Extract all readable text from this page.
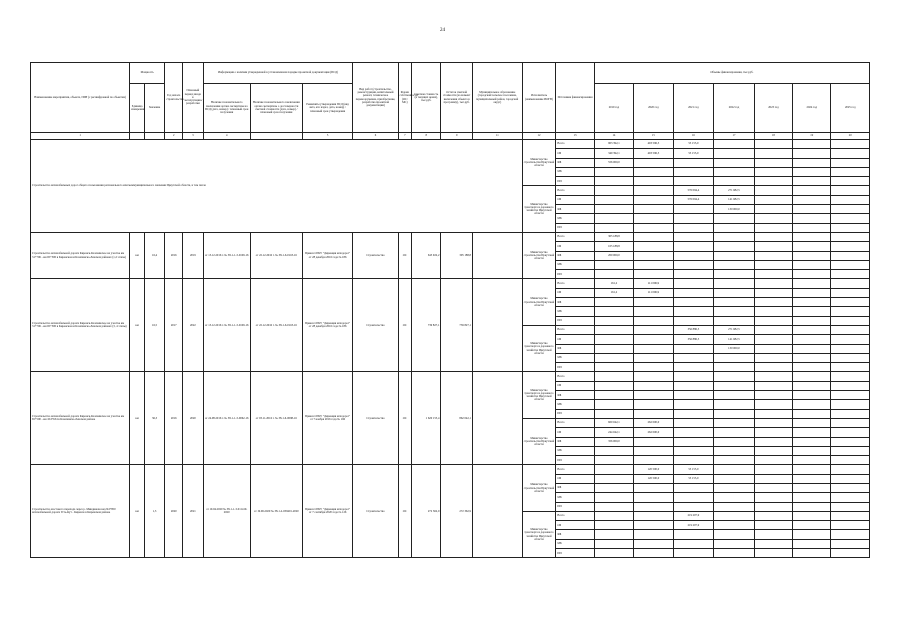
24
Наименование мероприятия, объекта, ПИР (с расшифровкой по объектам)	Мощность		Год начала строительства	Плановый период ввода в эксплуатацию/разработки	Информация о наличии утвержденной в установленном порядке проектной документации (ПСД)			Вид работ (строительство, реконструкция, капитальный ремонт, техническое перевооружение, приобретение, разработка проектной документации)	Форма собственности (ОС/МС)	Сметная стоимость (в текущих ценах), тыс.руб.	Остаток сметной стоимости (на момент включения объекта в программу), тыс.руб.	Муниципальное образование (городской/сельское поселение, муниципальный район, городской округ)	Исполнитель (наименование ИОГВ)	Источники финансирования	Объемы финансирования, тыс.руб.						
	Единица измерения	Значение			Наличие положительного заключения органа экспертизы на ПСД (дата, номер) / плановый срок получения	Наличие положительного заключения органа экспертизы о достоверности сметной стоимости (дата, номер) / плановый срок получения	Реквизиты утверждения ПСД (вид акта, кто издал, дата, номер) / плановый срок утверждения								2019 год	2020 год	2021 год	2022 год	2023 год	2024 год	2025 год
1			2	3	4		5	6	7	8	9	11	12	13	14	15	16	17	18	19	20
Строительство автомобильных дорог общего пользования регионального или межмуниципального значения Иркутской области, в том числе													Министерство строительства Иркутской области	Всего	903 392,1	493 596,5	53 155,0				
														ОБ	349 392,1	493 596,5	53 155,0				
														ФБ	556 000,0						
														МБ							
														ИИ							
													Министерство транспорта и дорожного хозяйства Иркутской области	Всего			576 094,4	271 682,5			
														ОБ			576 094,4	141 682,5			
														ФБ				130 000,0			
														МБ							
														ИИ							
Строительство автомобильной дороги Киренск-Казачинское на участке км 31+706 - км 65+500 в Киренском и Казачинско-Ленском районах (1,2 этапы)	км	16,4	2016	2019	от 13.12.2016 г. № 38-1-1-3-0109-16	от 22.12.2016 г. № 38-1-6-0118-16	Приказ ОГКУ "Дирекция автодорог" от 28 декабря 2016 года № 186	Строительство	ОС	645 922,2	305 188,8		Министерство строительства Иркутской области	Всего	305 188,8						
														ОБ	105 188,8						
														ФБ	200 000,0						
														МБ							
														ИИ							
Строительство автомобильной дороги Киренск-Казачинское на участке км 31+706 - км 65+500 в Киренском и Казачинско-Ленском районах (3, 4 этапы)	км	16,5	2017	2022	от 13.12.2016 г. № 38-1-1-3-0109-16	от 22.12.2016 г. № 38-1-6-0118-16	Приказ ОГКУ "Дирекция автодорог" от 28 декабря 2016 года № 186	Строительство	ОС	739 827,1	739 827,1		Министерство строительства Иркутской области	Всего	161,2	111 096,9					
														ОБ	161,2	111 096,9					
														ФБ							
														МБ							
														ИИ							
													Министерство транспорта и дорожного хозяйства Иркутской области	Всего			356 886,5	271 682,5			
														ОБ			356 886,5	141 682,5			
														ФБ				130 000,0			
														МБ							
														ИИ							
Строительство автомобильной дороги Киренск-Казачинское на участке км 65+500 - км 104+634 в Казачинско-Ленском районе	км	36,3	2016	2020	от 24.08.2016 г. № 38-1-1-3-0062-16	от 03.11.2016 г. № 38-1-6-0098-16	Приказ ОГКУ "Дирекция автодорог" от 7 ноября 2016 года № 166	Строительство	ОС	1 620 155,4	862 042,1		Министерство транспорта и дорожного хозяйства Иркутской области	Всего							
														ОБ							
														ФБ							
														МБ							
														ИИ							
													Министерство строительства Иркутской области	Всего	600 042,1	262 000,0					
														ОБ	244 042,1	262 000,0					
														ФБ	356 000,0						
														МБ							
														ИИ							
Строительство мостового перехода через р. Миндинова км 224+850 автомобильной дороги Усть-Кут - Киренск в Киренском районе	км	1,3	2020	2021	от 10.04.2020 № 38-1-1-3-011419-2020	от 19.06.2020 № 38-1-2-039401-2020	Приказ ОГКУ "Дирекция автодорог" от 7 сентября 2020 года № 126	Строительство	ОС	272 362,9	272 362,9		Министерство строительства Иркутской области	Всего		120 500,0	53 155,0				
														ОБ		120 500,0	53 155,0				
														ФБ							
														МБ							
														ИИ							
													Министерство транспорта и дорожного хозяйства Иркутской области	Всего			219 207,9				
														ОБ			219 207,9				
														ФБ							
														МБ							
														ИИ							
